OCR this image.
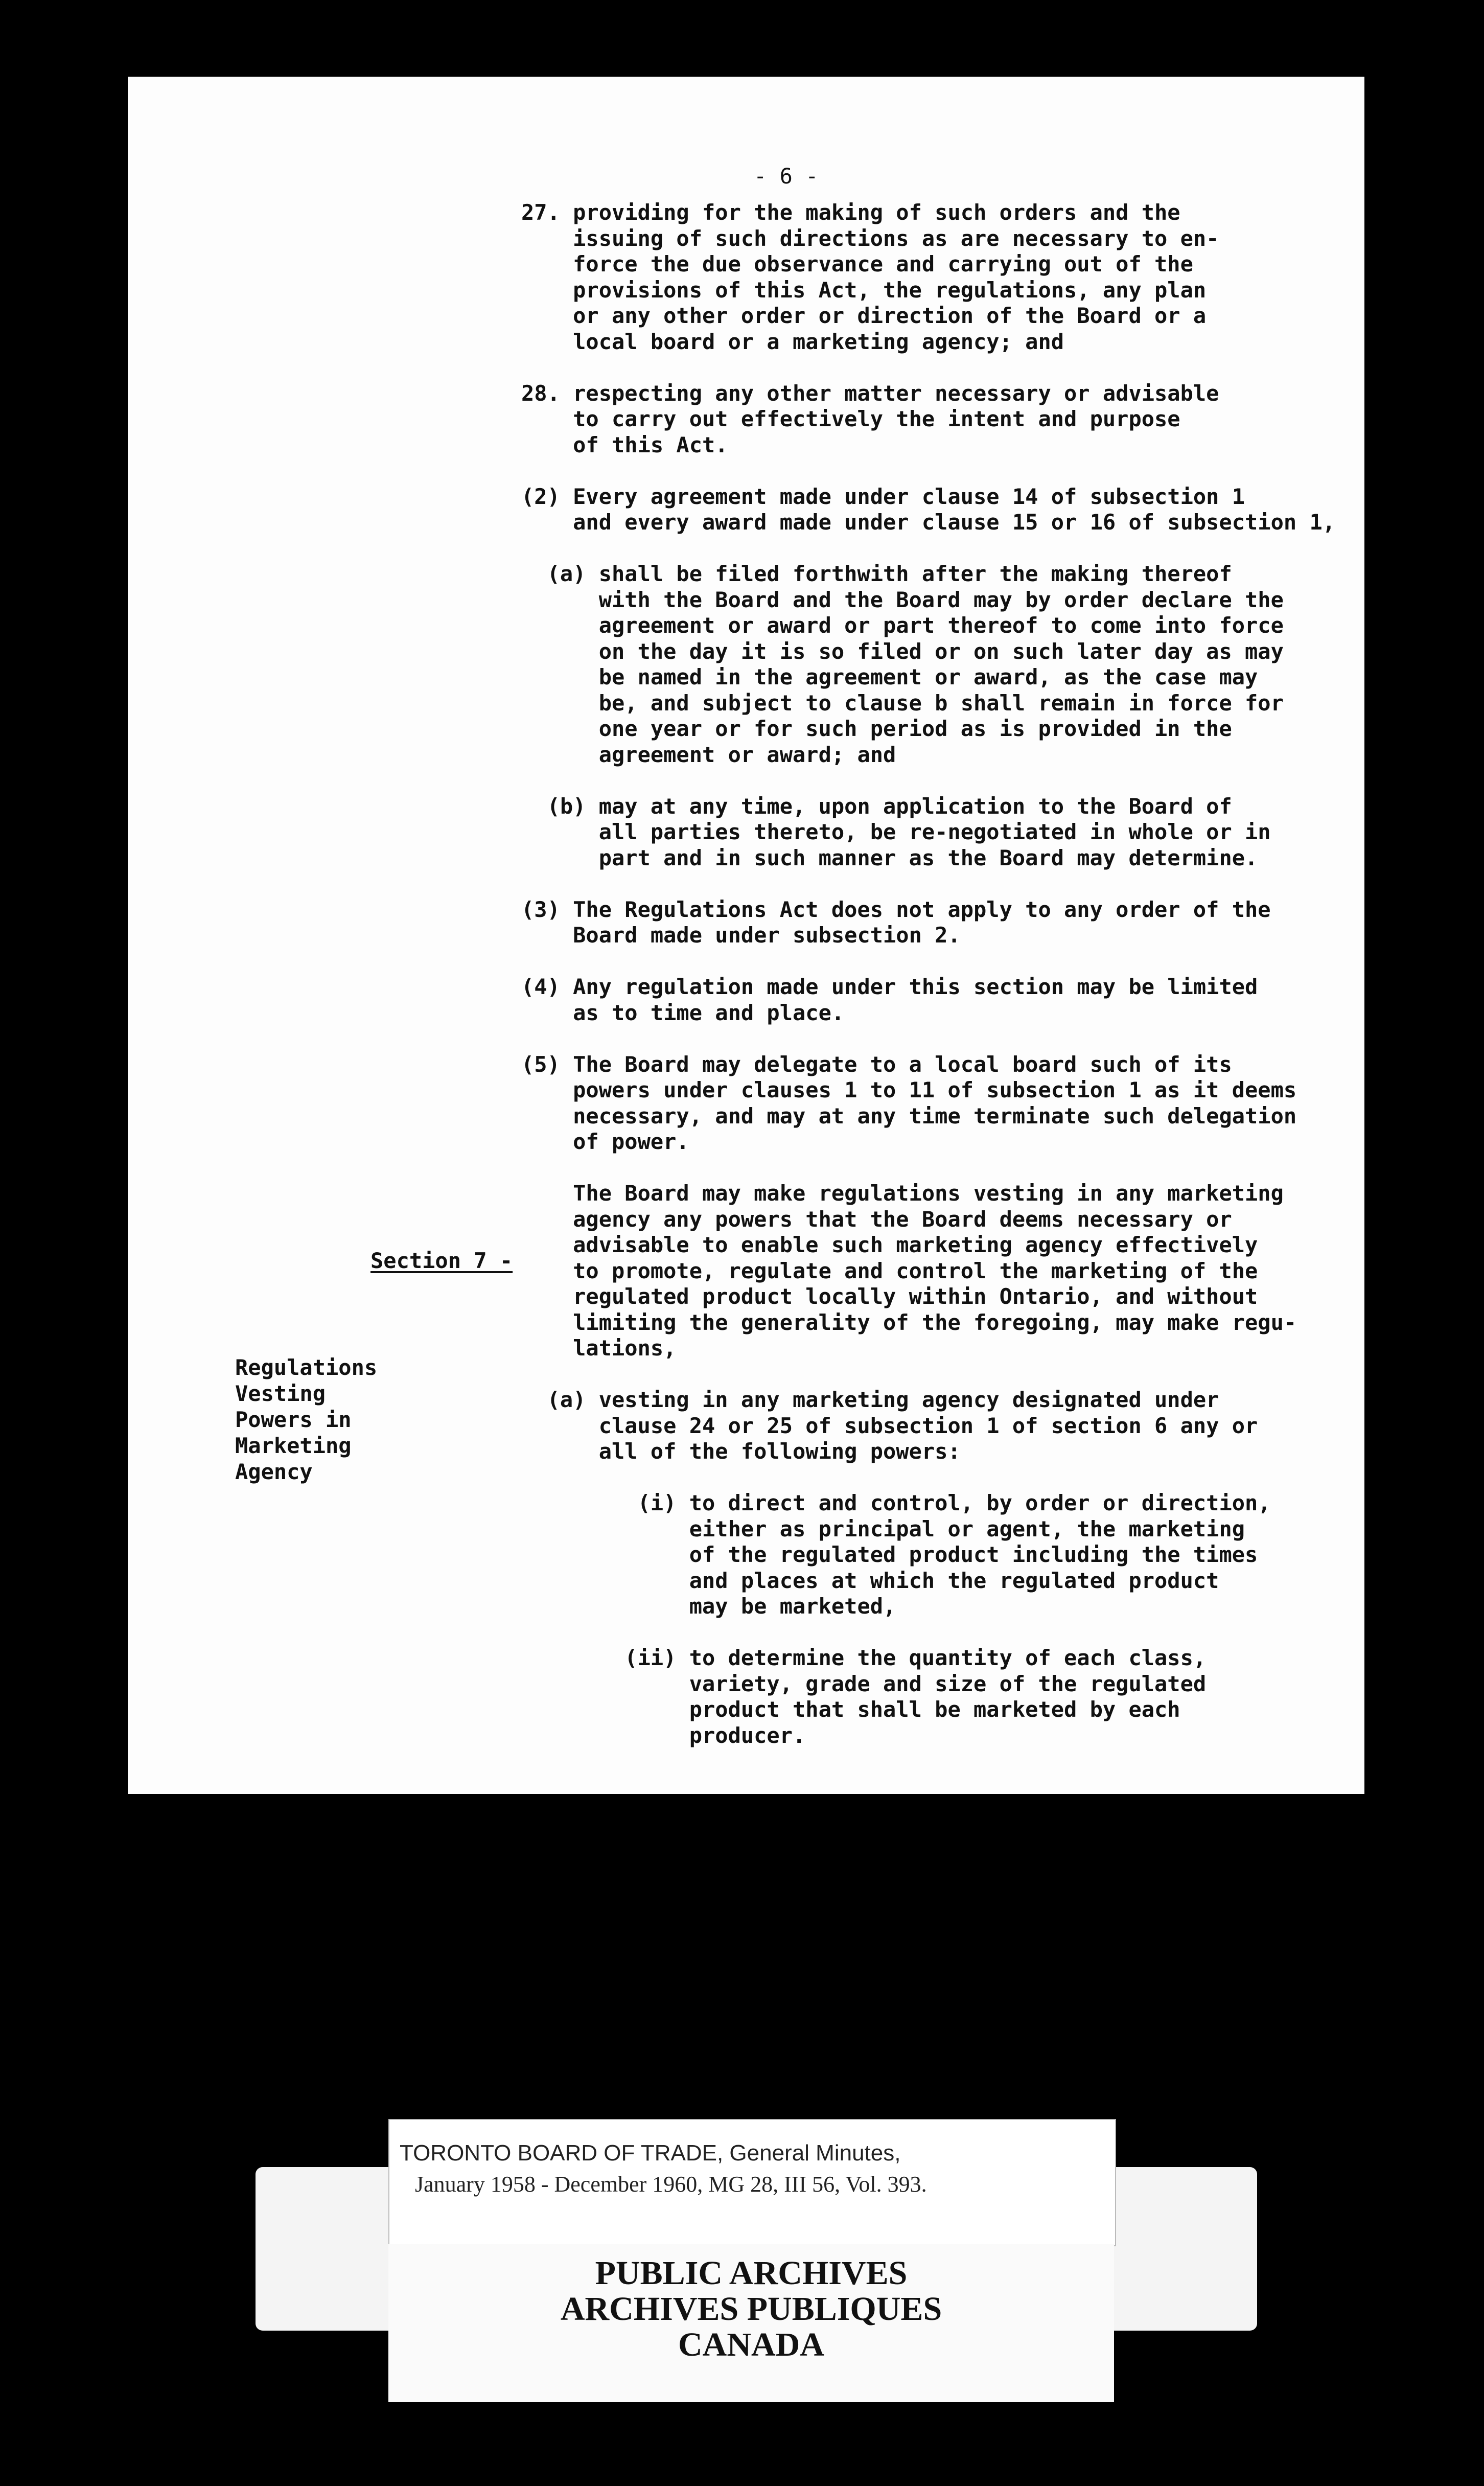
- 6 -
27. providing for the making of such orders and the
issuing of such directions as are necessary to en-
force the due observance and carrying out of the
provisions of this Act, the regulations, any plan
or any other order or direction of the Board or a
local board or a marketing agency; and
28. respecting any other matter necessary or advisable
to carry out effectively the intent and purpose
of this Act.
(2) Every agreement made under clause 14 of subsection 1
and every award made under clause 15 or 16 of subsection 1,
(a) shall be filed forthwith after the making thereof
with the Board and the Board may by order declare the
agreement or award or part thereof to come into force
on the day it is so filed or on such later day as may
be named in the agreement or award, as the case may
be, and subject to clause b shall remain in force for
one year or for such period as is provided in the
agreement or award; and
(b) may at any time, upon application to the Board of
all parties thereto, be re-negotiated in whole or in
part and in such manner as the Board may determine.
(3) The Regulations Act does not apply to any order of the
Board made under subsection 2.
(4) Any regulation made under this section may be limited
as to time and place.
(5) The Board may delegate to a local board such of its
powers under clauses 1 to 11 of subsection 1 as it deems
necessary, and may at any time terminate such delegation
of power.
The Board may make regulations vesting in any marketing
agency any powers that the Board deems necessary or
advisable to enable such marketing agency effectively
to promote, regulate and control the marketing of the
regulated product locally within Ontario, and without
limiting the generality of the foregoing, may make regu-
lations,
(a) vesting in any marketing agency designated under
clause 24 or 25 of subsection 1 of section 6 any or
all of the following powers:
(i) to direct and control, by order or direction,
either as principal or agent, the marketing
of the regulated product including the times
and places at which the regulated product
may be marketed,
(ii) to determine the quantity of each class,
variety, grade and size of the regulated
product that shall be marketed by each
producer.
Section 7 -
Regulations
Vesting
Powers in
Marketing
Agency
TORONTO BOARD OF TRADE, General Minutes,
January 1958 - December 1960, MG 28, III 56, Vol. 393.
PUBLIC ARCHIVES
ARCHIVES PUBLIQUES
CANADA
